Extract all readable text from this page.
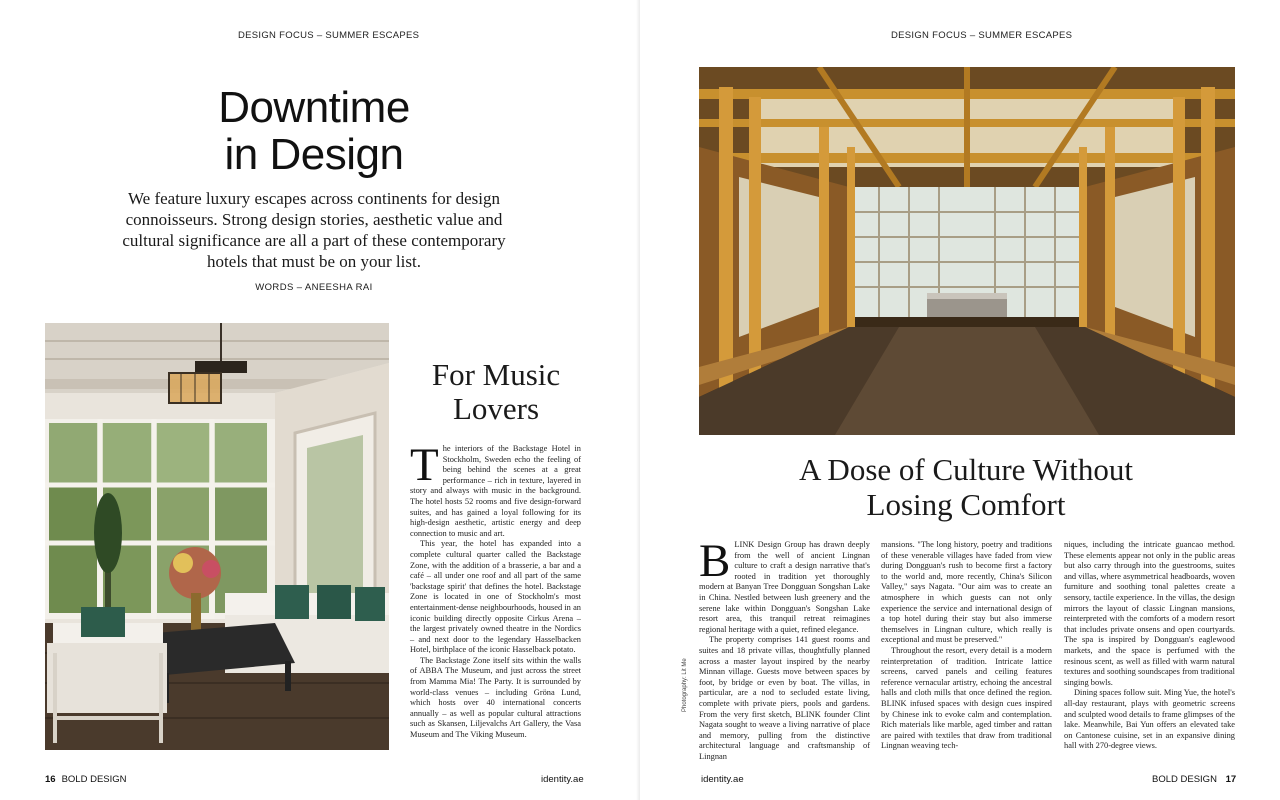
DESIGN FOCUS – SUMMER ESCAPES
Downtime
in Design

We feature luxury escapes across continents for design connoisseurs. Strong design stories, aesthetic value and cultural significance are all a part of these contemporary hotels that must be on your list.

WORDS – ANEESHA RAI
For Music
Lovers
T he interiors of the Backstage Hotel in Stockholm, Sweden echo the feeling of being behind the scenes at a great performance – rich in texture, layered in story and always with music in the background. The hotel hosts 52 rooms and five design-forward suites, and has gained a loyal following for its high-design aesthetic, artistic energy and deep connection to music and art.

This year, the hotel has expanded into a complete cultural quarter called the Backstage Zone, with the addition of a brasserie, a bar and a café – all under one roof and all part of the same 'backstage spirit' that defines the hotel. Backstage Zone is located in one of Stockholm's most entertainment-dense neighbourhoods, housed in an iconic building directly opposite Cirkus Arena – the largest privately owned theatre in the Nordics – and next door to the legendary Hasselbacken Hotel, birthplace of the iconic Hasselback potato.

The Backstage Zone itself sits within the walls of ABBA The Museum, and just across the street from Mamma Mia! The Party. It is surrounded by world-class venues – including Gröna Lund, which hosts over 40 international concerts annually – as well as popular cultural attractions such as Skansen, Liljevalchs Art Gallery, the Vasa Museum and The Viking Museum.

16 BOLD DESIGN	identity.ae
DESIGN FOCUS – SUMMER ESCAPES
A Dose of Culture Without
Losing Comfort
B LINK Design Group has drawn deeply from the well of ancient Lingnan culture to craft a design narrative that's rooted in tradition yet thoroughly modern at Banyan Tree Dongguan Songshan Lake in China. Nestled between lush greenery and the serene lake within Dongguan's Songshan Lake resort area, this tranquil retreat reimagines regional heritage with a quiet, refined elegance.

The property comprises 141 guest rooms and suites and 18 private villas, thoughtfully planned across a master layout inspired by the nearby Minnan village. Guests move between spaces by foot, by bridge or even by boat. The villas, in particular, are a nod to secluded estate living, complete with private piers, pools and gardens. From the very first sketch, BLINK founder Clint Nagata sought to weave a living narrative of place and memory, pulling from the distinctive architectural language and craftsmanship of Lingnan

mansions. "The long history, poetry and traditions of these venerable villages have faded from view during Dongguan's rush to become first a factory to the world and, more recently, China's Silicon Valley," says Nagata. "Our aim was to create an atmosphere in which guests can not only experience the service and international design of a top hotel during their stay but also immerse themselves in Lingnan culture, which really is exceptional and must be preserved."

Throughout the resort, every detail is a modern reinterpretation of tradition. Intricate lattice screens, carved panels and ceiling features reference vernacular artistry, echoing the ancestral halls and cloth mills that once defined the region. BLINK infused spaces with design cues inspired by Chinese ink to evoke calm and contemplation. Rich materials like marble, aged timber and rattan are paired with textiles that draw from traditional Lingnan weaving tech-

niques, including the intricate guancao method. These elements appear not only in the public areas but also carry through into the guestrooms, suites and villas, where asymmetrical headboards, woven furniture and soothing tonal palettes create a sensory, tactile experience. In the villas, the design mirrors the layout of classic Lingnan mansions, reinterpreted with the comforts of a modern resort that includes private onsens and open courtyards. The spa is inspired by Dongguan's eaglewood markets, and the space is perfumed with the resinous scent, as well as filled with warm natural textures and soothing soundscapes from traditional singing bowls.

Dining spaces follow suit. Ming Yue, the hotel's all-day restaurant, plays with geometric screens and sculpted wood details to frame glimpses of the lake. Meanwhile, Bai Yun offers an elevated take on Cantonese cuisine, set in an expansive dining hall with 270-degree views.

identity.ae	BOLD DESIGN 17
Photography: Lit Me
